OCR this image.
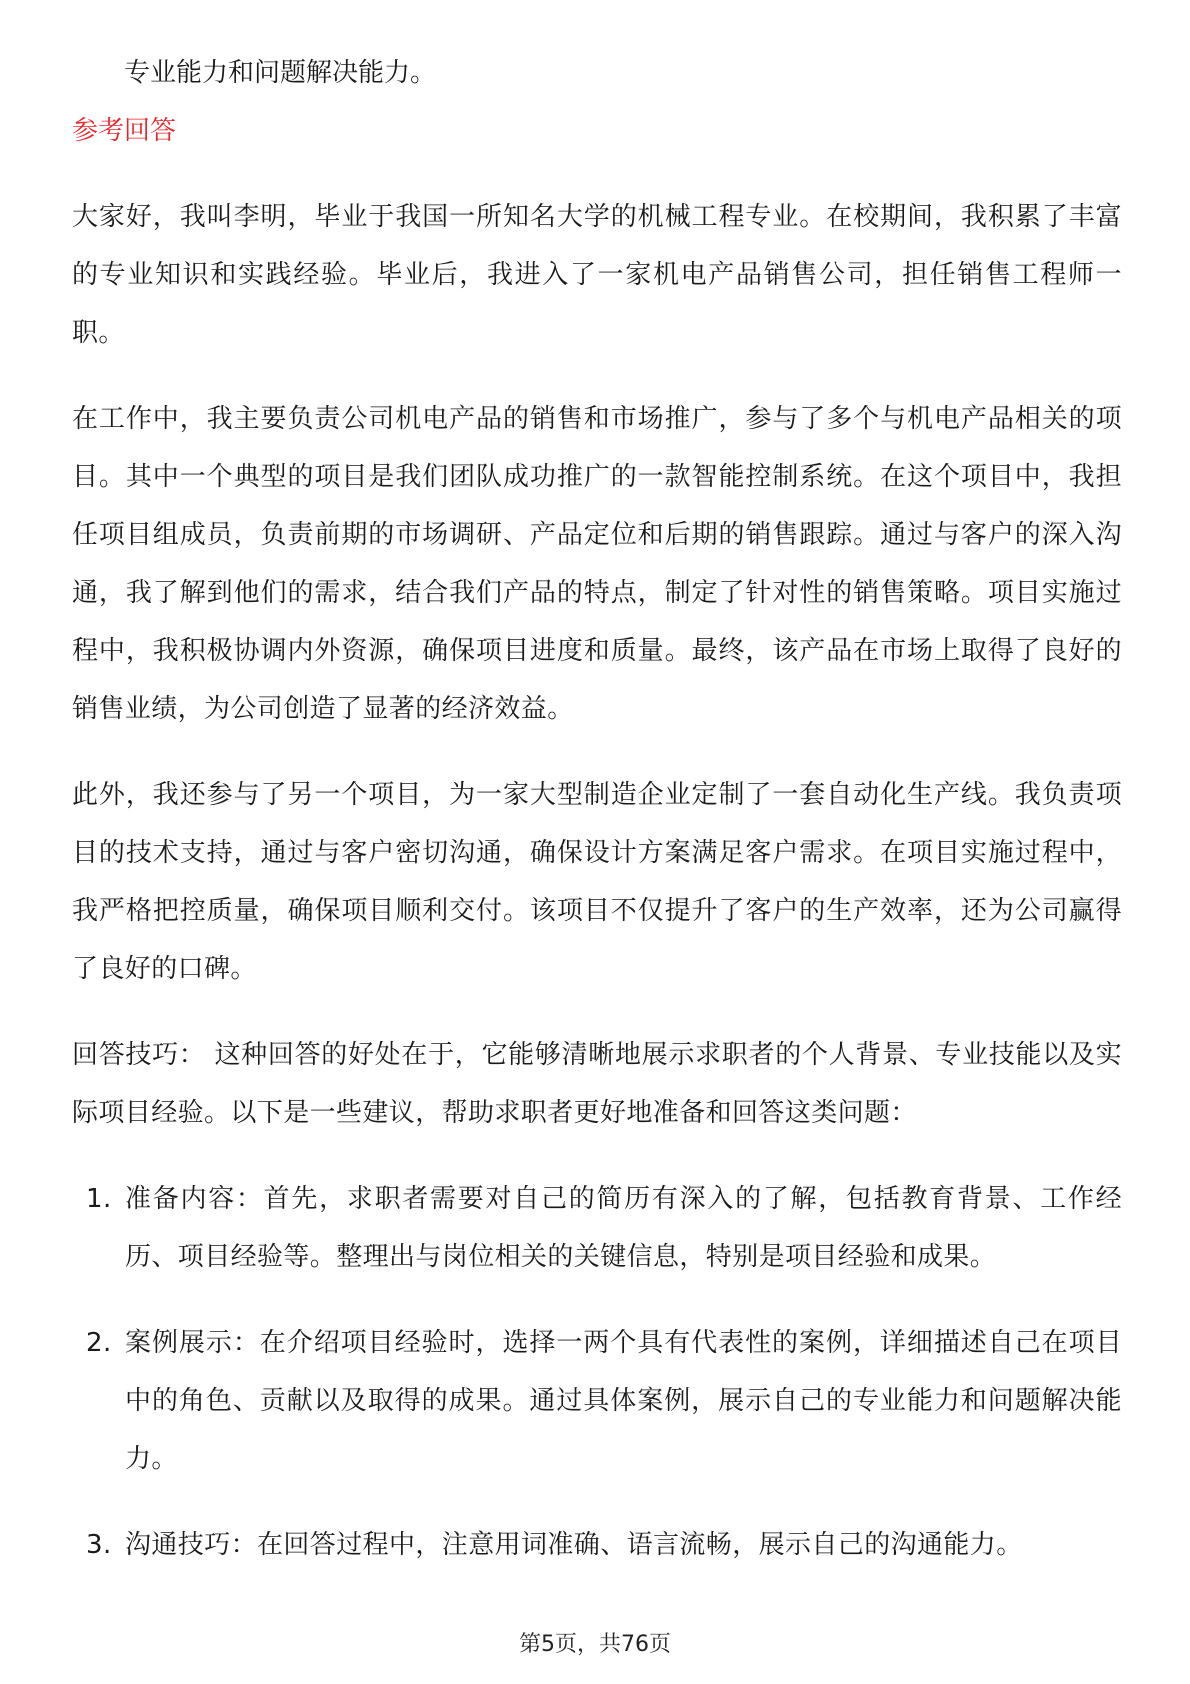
专业能力和问题解决能力。

参考回答

大家好，我叫李明，毕业于我国一所知名大学的机械工程专业。在校期间，我积累了丰富的专业知识和实践经验。毕业后，我进入了一家机电产品销售公司，担任销售工程师一职。

在工作中，我主要负责公司机电产品的销售和市场推广，参与了多个与机电产品相关的项目。其中一个典型的项目是我们团队成功推广的一款智能控制系统。在这个项目中，我担任项目组成员，负责前期的市场调研、产品定位和后期的销售跟踪。通过与客户的深入沟通，我了解到他们的需求，结合我们产品的特点，制定了针对性的销售策略。项目实施过程中，我积极协调内外资源，确保项目进度和质量。最终，该产品在市场上取得了良好的销售业绩，为公司创造了显著的经济效益。

此外，我还参与了另一个项目，为一家大型制造企业定制了一套自动化生产线。我负责项目的技术支持，通过与客户密切沟通，确保设计方案满足客户需求。在项目实施过程中，我严格把控质量，确保项目顺利交付。该项目不仅提升了客户的生产效率，还为公司赢得了良好的口碑。

回答技巧： 这种回答的好处在于，它能够清晰地展示求职者的个人背景、专业技能以及实际项目经验。以下是一些建议，帮助求职者更好地准备和回答这类问题：

1. 准备内容：首先，求职者需要对自己的简历有深入的了解，包括教育背景、工作经历、项目经验等。整理出与岗位相关的关键信息，特别是项目经验和成果。
2. 案例展示：在介绍项目经验时，选择一两个具有代表性的案例，详细描述自己在项目中的角色、贡献以及取得的成果。通过具体案例，展示自己的专业能力和问题解决能力。
3. 沟通技巧：在回答过程中，注意用词准确、语言流畅，展示自己的沟通能力。
第5页，共76页
